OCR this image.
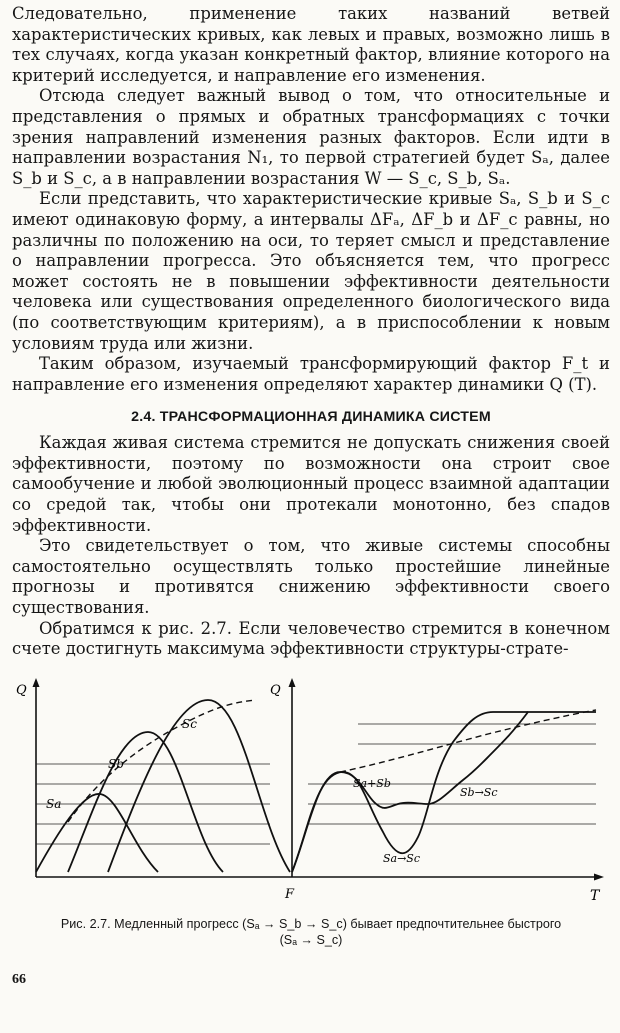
Следовательно, применение таких названий ветвей характеристических кривых, как левых и правых, возможно лишь в тех случаях, когда указан конкретный фактор, влияние которого на критерий исследуется, и направление его изменения.

Отсюда следует важный вывод о том, что относительные и представления о прямых и обратных трансформациях с точки зрения направлений изменения разных факторов. Если идти в направлении возрастания N₁, то первой стратегией будет Sₐ, далее S_b и S_c, а в направлении возрастания W — S_c, S_b, Sₐ.

Если представить, что характеристические кривые Sₐ, S_b и S_c имеют одинаковую форму, а интервалы ΔFₐ, ΔF_b и ΔF_c равны, но различны по положению на оси, то теряет смысл и представление о направлении прогресса. Это объясняется тем, что прогресс может состоять не в повышении эффективности деятельности человека или существования определенного биологического вида (по соответствующим критериям), а в приспособлении к новым условиям труда или жизни.

Таким образом, изучаемый трансформирующий фактор F_t и направление его изменения определяют характер динамики Q (T).

2.4. ТРАНСФОРМАЦИОННАЯ ДИНАМИКА СИСТЕМ

Каждая живая система стремится не допускать снижения своей эффективности, поэтому по возможности она строит свое самообучение и любой эволюционный процесс взаимной адаптации со средой так, чтобы они протекали монотонно, без спадов эффективности.

Это свидетельствует о том, что живые системы способны самостоятельно осуществлять только простейшие линейные прогнозы и противятся снижению эффективности своего существования.

Обратимся к рис. 2.7. Если человечество стремится в конечном счете достигнуть максимума эффективности структуры-страте-

Q	Q
T
F
Sa
Sb
Sc
Sa+Sb
Sb→Sc
Sa→Sc
Рис. 2.7. Медленный прогресс (Sₐ → S_b → S_c) бывает предпочтительнее быстрого
(Sₐ → S_c)
66
